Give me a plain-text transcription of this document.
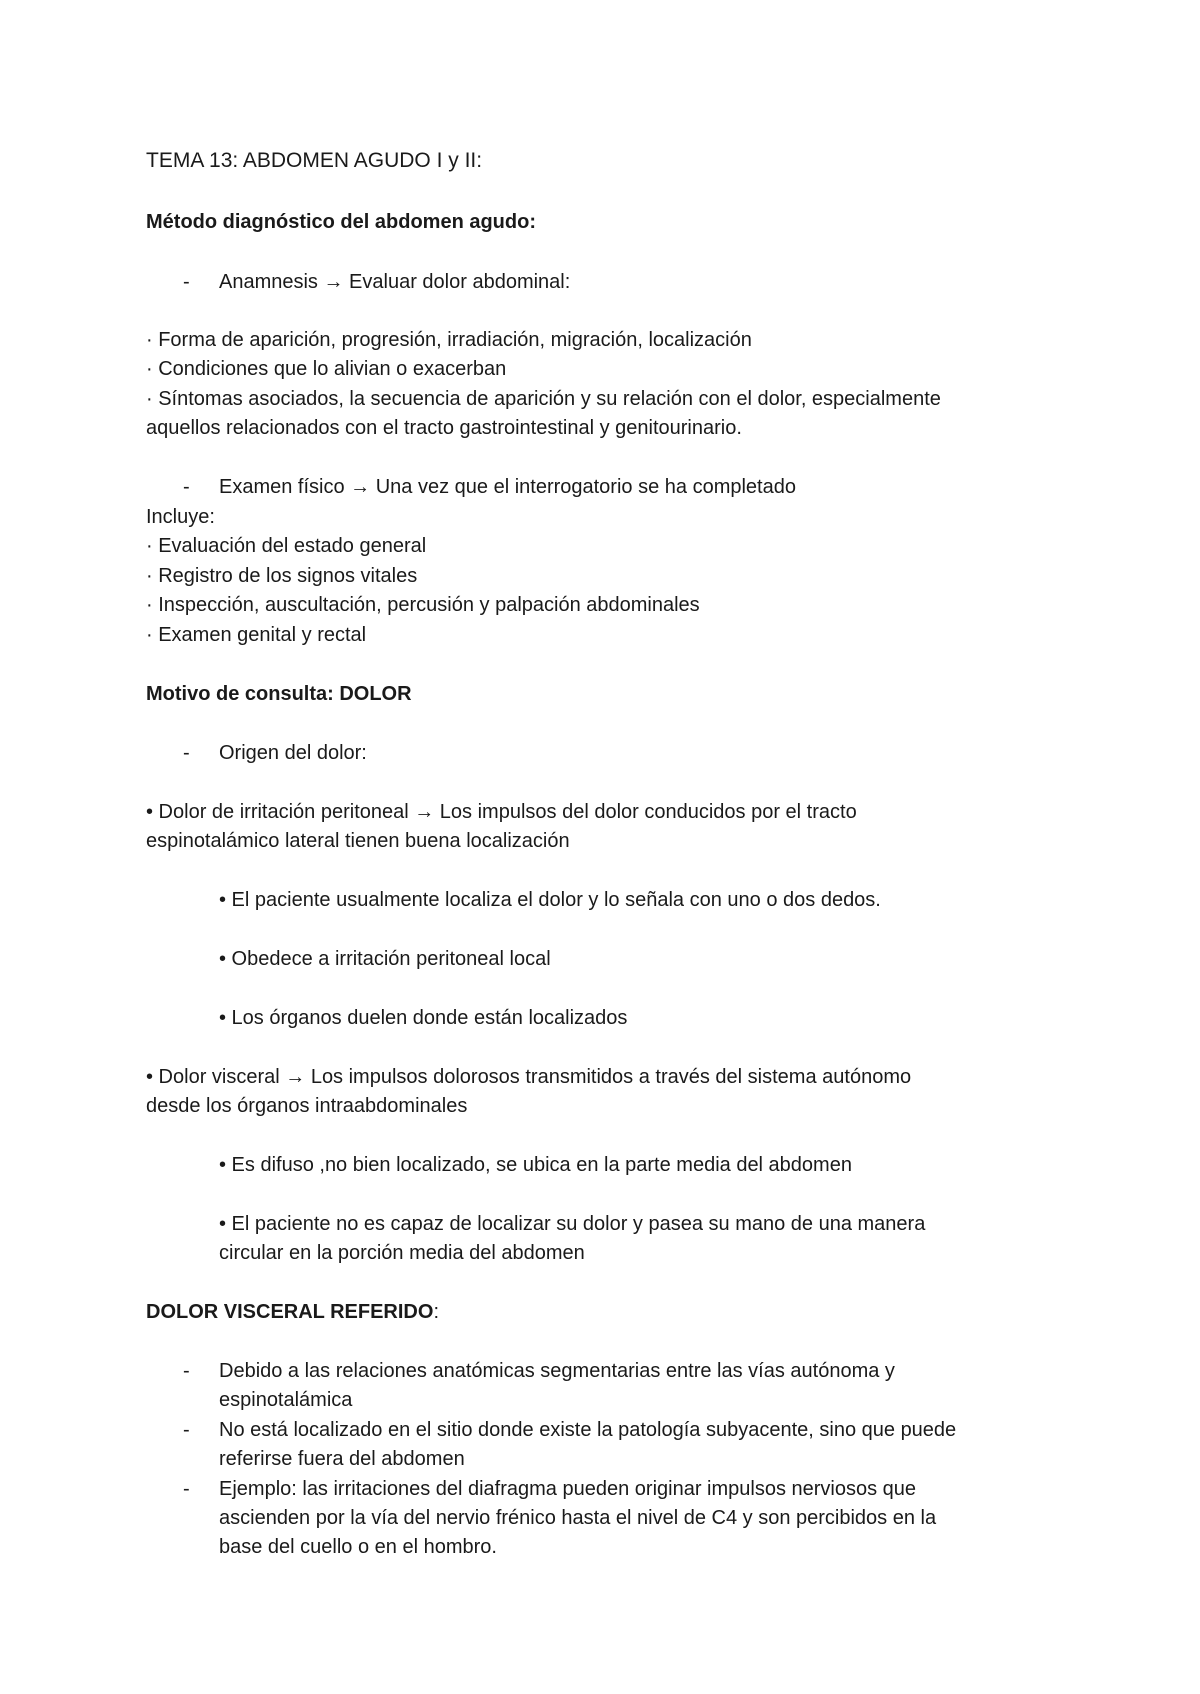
TEMA 13: ABDOMEN AGUDO I y II:
Método diagnóstico del abdomen agudo:
- Anamnesis → Evaluar dolor abdominal:
· Forma de aparición, progresión, irradiación, migración, localización
· Condiciones que lo alivian o exacerban
· Síntomas asociados, la secuencia de aparición y su relación con el dolor, especialmente
aquellos relacionados con el tracto gastrointestinal y genitourinario.
- Examen físico → Una vez que el interrogatorio se ha completado
Incluye:
· Evaluación del estado general
· Registro de los signos vitales
· Inspección, auscultación, percusión y palpación abdominales
· Examen genital y rectal
Motivo de consulta: DOLOR
- Origen del dolor:
• Dolor de irritación peritoneal → Los impulsos del dolor conducidos por el tracto
espinotalámico lateral tienen buena localización
• El paciente usualmente localiza el dolor y lo señala con uno o dos dedos.
• Obedece a irritación peritoneal local
• Los órganos duelen donde están localizados
• Dolor visceral → Los impulsos dolorosos transmitidos a través del sistema autónomo
desde los órganos intraabdominales
• Es difuso ,no bien localizado, se ubica en la parte media del abdomen
• El paciente no es capaz de localizar su dolor y pasea su mano de una manera
circular en la porción media del abdomen
DOLOR VISCERAL REFERIDO:
- Debido a las relaciones anatómicas segmentarias entre las vías autónoma y
espinotalámica
- No está localizado en el sitio donde existe la patología subyacente, sino que puede
referirse fuera del abdomen
- Ejemplo: las irritaciones del diafragma pueden originar impulsos nerviosos que
ascienden por la vía del nervio frénico hasta el nivel de C4 y son percibidos en la
base del cuello o en el hombro.
